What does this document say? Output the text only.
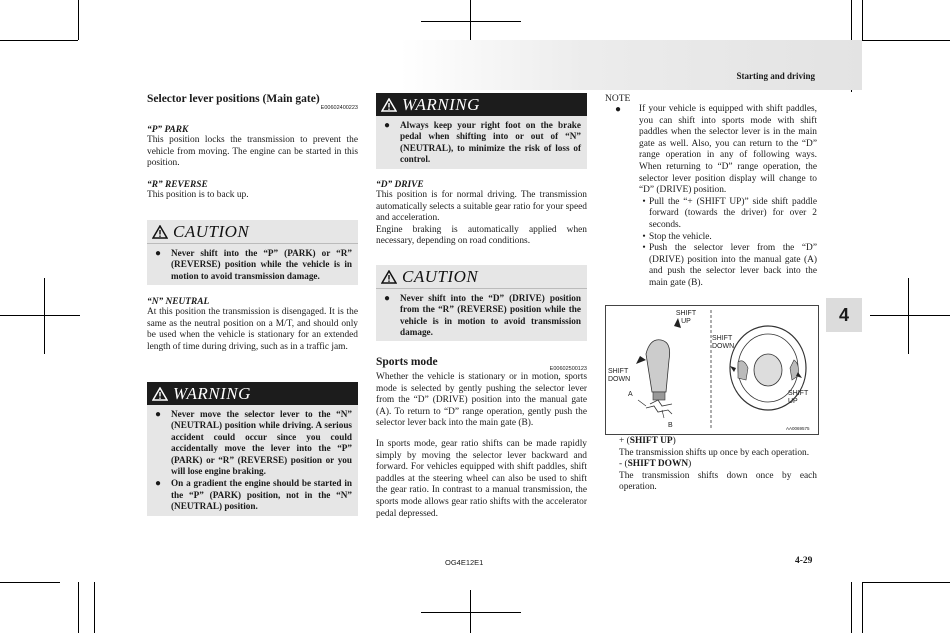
Starting and driving
Selector lever positions (Main gate)
E00602400223
“P” PARK

This position locks the transmission to prevent the vehicle from moving. The engine can be started in this position.

“R” REVERSE

This position is to back up.

CAUTION
●	Never shift into the “P” (PARK) or “R” (REVERSE) position while the vehicle is in motion to avoid transmission damage.
“N” NEUTRAL

At this position the transmission is disengaged. It is the same as the neutral position on a M/T, and should only be used when the vehicle is stationary for an extended length of time during driving, such as in a traffic jam.

WARNING
●	Never move the selector lever to the “N” (NEUTRAL) position while driving. A serious accident could occur since you could accidentally move the lever into the “P” (PARK) or “R” (REVERSE) position or you will lose engine braking.
●	On a gradient the engine should be started in the “P” (PARK) position, not in the “N” (NEUTRAL) position.
WARNING
●	Always keep your right foot on the brake pedal when shifting into or out of “N” (NEUTRAL), to minimize the risk of loss of control.
“D” DRIVE

This position is for normal driving. The transmission automatically selects a suitable gear ratio for your speed and acceleration.

Engine braking is automatically applied when necessary, depending on road conditions.

CAUTION
●	Never shift into the “D” (DRIVE) position from the “R” (REVERSE) position while the vehicle is in motion to avoid transmission damage.
Sports mode
E00602500123

Whether the vehicle is stationary or in motion, sports mode is selected by gently pushing the selector lever from the “D” (DRIVE) position into the manual gate (A). To return to “D” range operation, gently push the selector lever back into the main gate (B).

In sports mode, gear ratio shifts can be made rapidly simply by moving the selector lever backward and forward. For vehicles equipped with shift paddles, shift paddles at the steering wheel can also be used to shift the gear ratio. In contrast to a manual transmission, the sports mode allows gear ratio shifts with the accelerator pedal depressed.

OG4E12E1
NOTE
●	If your vehicle is equipped with shift paddles, you can shift into sports mode with shift paddles when the selector lever is in the main gate as well. Also, you can return to the “D” range operation in any of following ways. When returning to “D” range operation, the selector lever position display will change to “D” (DRIVE) position.
• Pull the “+ (SHIFT UP)” side shift paddle forward (towards the driver) for over 2 seconds.
• Stop the vehicle.
• Push the selector lever from the “D” (DRIVE) position into the manual gate (A) and push the selector lever back into the main gate (B).
SHIFT UP
SHIFT DOWN
A
B
SHIFT DOWN
SHIFT UP
AA0069575
+ (SHIFT UP)

The transmission shifts up once by each operation.

- (SHIFT DOWN)

The transmission shifts down once by each operation.

4-29
4
